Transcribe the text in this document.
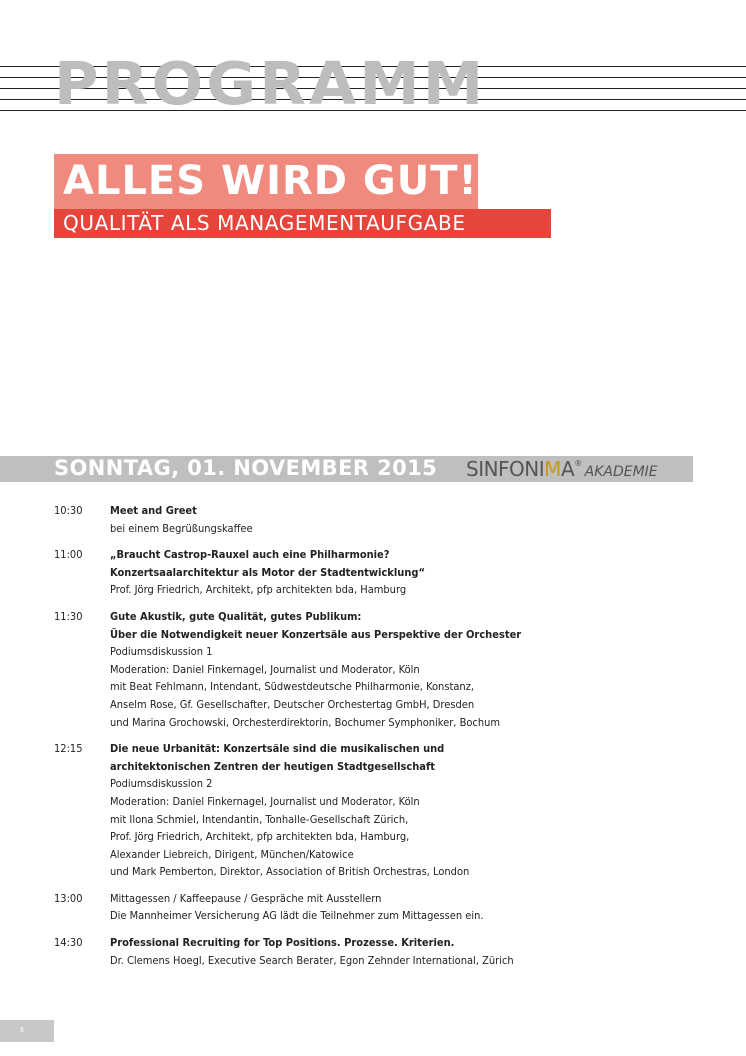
PROGRAMM
ALLES WIRD GUT!
QUALITÄT ALS MANAGEMENTAUFGABE
SONNTAG, 01. NOVEMBER 2015 SINFONIMA®AKADEMIE
10:30	Meet and Greet
bei einem Begrüßungskaffee
11:00	„Braucht Castrop-Rauxel auch eine Philharmonie?
Konzertsaalarchitektur als Motor der Stadtentwicklung“
Prof. Jörg Friedrich, Architekt, pfp architekten bda, Hamburg
11:30	Gute Akustik, gute Qualität, gutes Publikum:
Über die Notwendigkeit neuer Konzertsäle aus Perspektive der Orchester
Podiumsdiskussion 1
Moderation: Daniel Finkernagel, Journalist und Moderator, Köln
mit Beat Fehlmann, Intendant, Südwestdeutsche Philharmonie, Konstanz,
Anselm Rose, Gf. Gesellschafter, Deutscher Orchestertag GmbH, Dresden
und Marina Grochowski, Orchesterdirektorin, Bochumer Symphoniker, Bochum
12:15	Die neue Urbanität: Konzertsäle sind die musikalischen und
architektonischen Zentren der heutigen Stadtgesellschaft
Podiumsdiskussion 2
Moderation: Daniel Finkernagel, Journalist und Moderator, Köln
mit Ilona Schmiel, Intendantin, Tonhalle-Gesellschaft Zürich,
Prof. Jörg Friedrich, Architekt, pfp architekten bda, Hamburg,
Alexander Liebreich, Dirigent, München/Katowice
und Mark Pemberton, Direktor, Association of British Orchestras, London
13:00	Mittagessen / Kaffeepause / Gespräche mit Ausstellern
Die Mannheimer Versicherung AG lädt die Teilnehmer zum Mittagessen ein.
14:30	Professional Recruiting for Top Positions. Prozesse. Kriterien.
Dr. Clemens Hoegl, Executive Search Berater, Egon Zehnder International, Zürich
6
